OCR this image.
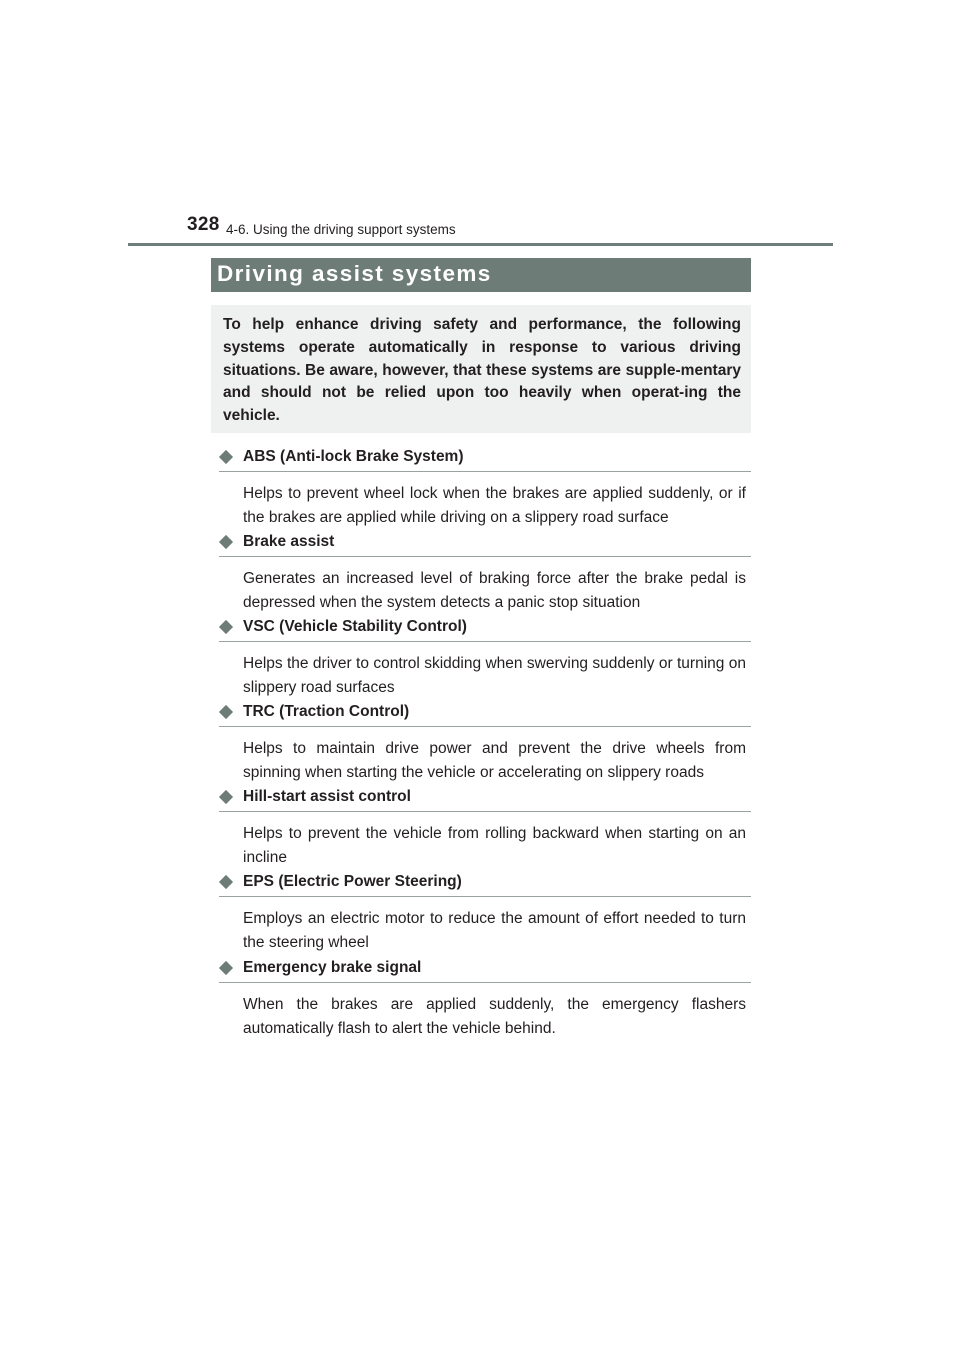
328 4-6. Using the driving support systems
Driving assist systems
To help enhance driving safety and performance, the following systems operate automatically in response to various driving situations. Be aware, however, that these systems are supple-mentary and should not be relied upon too heavily when operat-ing the vehicle.
ABS (Anti-lock Brake System)
Helps to prevent wheel lock when the brakes are applied suddenly, or if the brakes are applied while driving on a slippery road surface
Brake assist
Generates an increased level of braking force after the brake pedal is depressed when the system detects a panic stop situation
VSC (Vehicle Stability Control)
Helps the driver to control skidding when swerving suddenly or turning on slippery road surfaces
TRC (Traction Control)
Helps to maintain drive power and prevent the drive wheels from spinning when starting the vehicle or accelerating on slippery roads
Hill-start assist control
Helps to prevent the vehicle from rolling backward when starting on an incline
EPS (Electric Power Steering)
Employs an electric motor to reduce the amount of effort needed to turn the steering wheel
Emergency brake signal
When the brakes are applied suddenly, the emergency flashers automatically flash to alert the vehicle behind.
